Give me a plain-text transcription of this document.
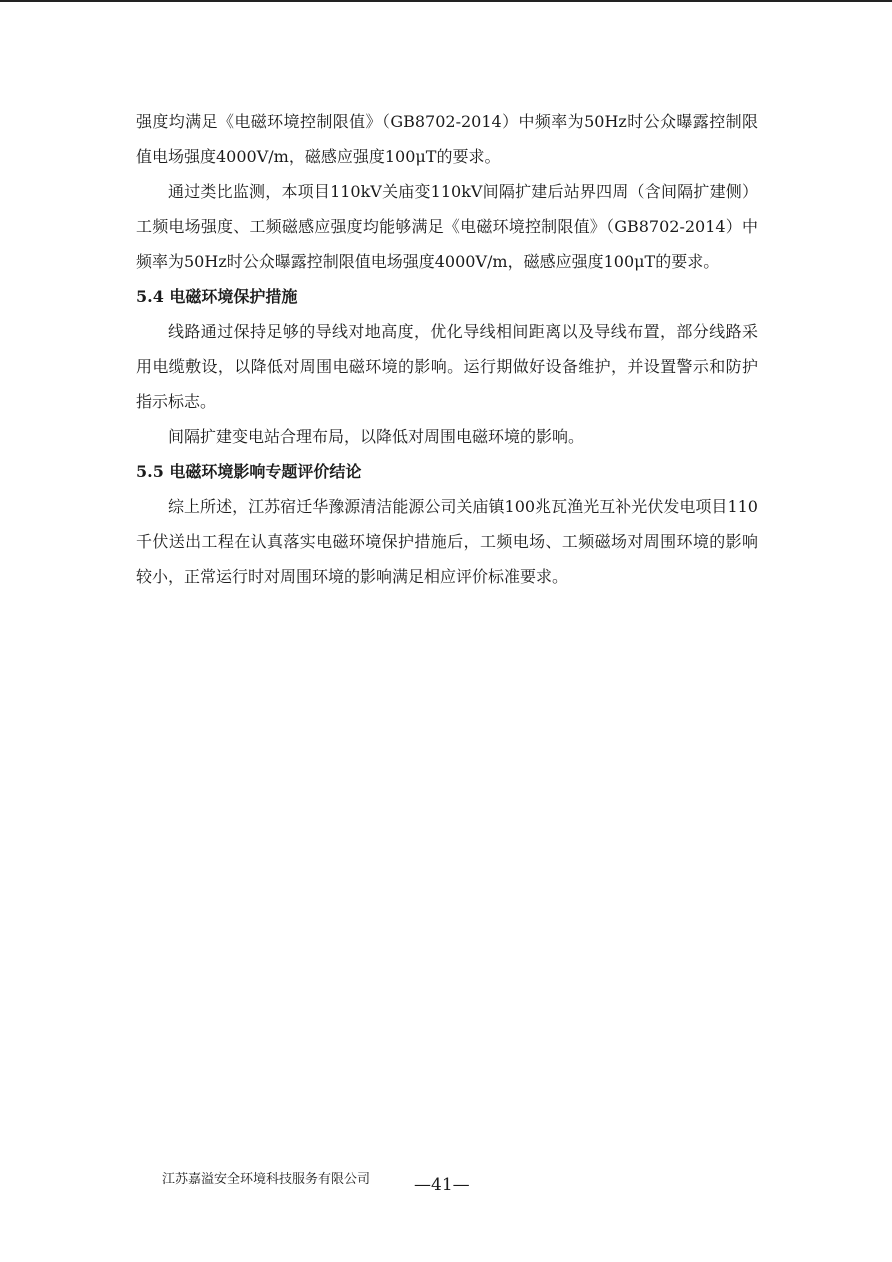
强度均满足《电磁环境控制限值》（GB8702-2014）中频率为50Hz时公众曝露控制限值电场强度4000V/m，磁感应强度100μT的要求。

通过类比监测，本项目110kV关庙变110kV间隔扩建后站界四周（含间隔扩建侧）工频电场强度、工频磁感应强度均能够满足《电磁环境控制限值》（GB8702-2014）中频率为50Hz时公众曝露控制限值电场强度4000V/m，磁感应强度100μT的要求。

5.4 电磁环境保护措施

线路通过保持足够的导线对地高度，优化导线相间距离以及导线布置，部分线路采用电缆敷设，以降低对周围电磁环境的影响。运行期做好设备维护，并设置警示和防护指示标志。

间隔扩建变电站合理布局，以降低对周围电磁环境的影响。

5.5 电磁环境影响专题评价结论

综上所述，江苏宿迁华豫源清洁能源公司关庙镇100兆瓦渔光互补光伏发电项目110千伏送出工程在认真落实电磁环境保护措施后，工频电场、工频磁场对周围环境的影响较小，正常运行时对周围环境的影响满足相应评价标准要求。

江苏嘉溢安全环境科技服务有限公司	—41—
